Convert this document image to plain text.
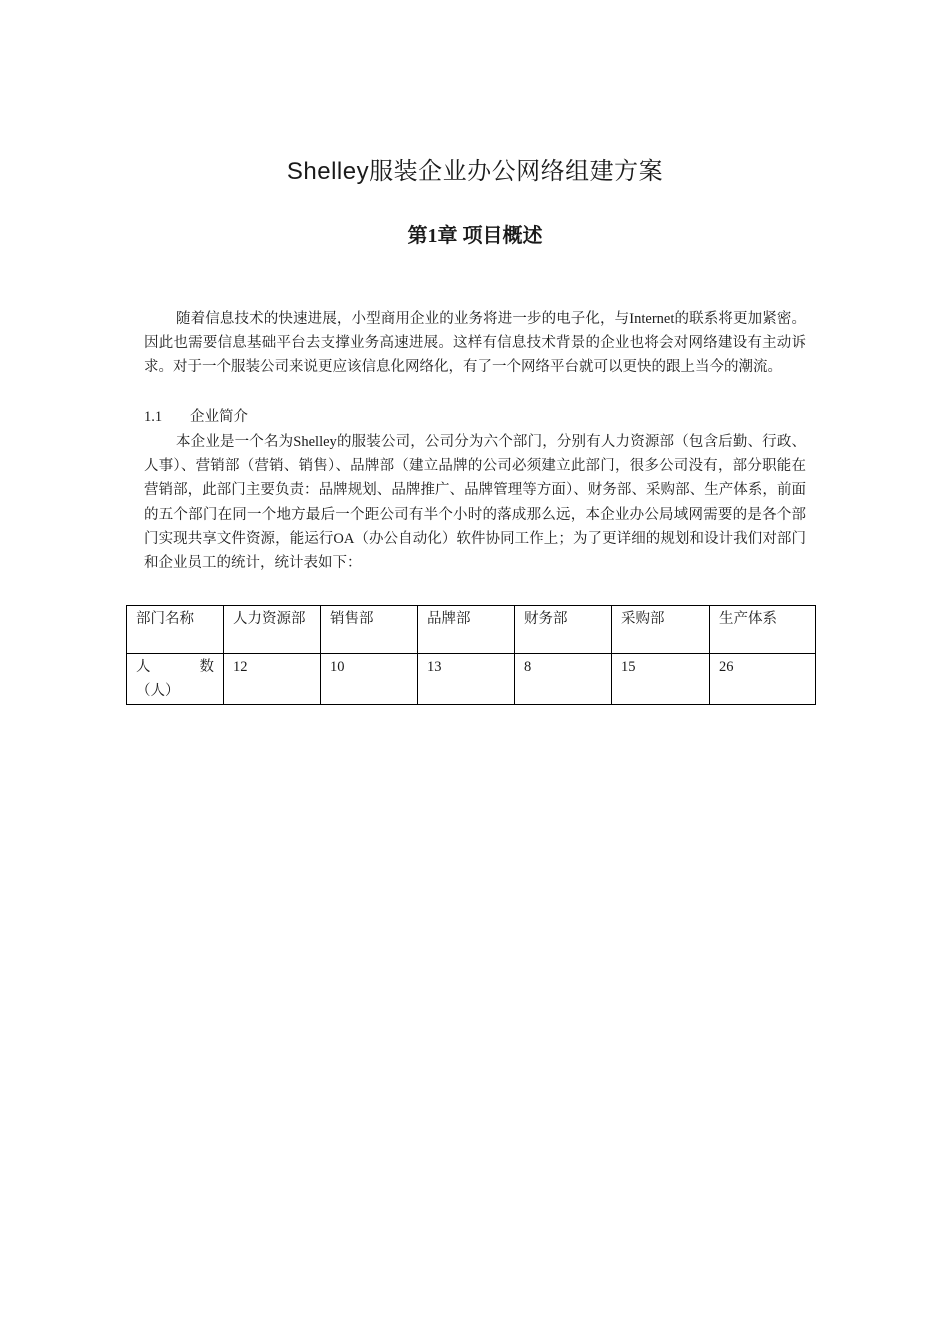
Shelley服装企业办公网络组建方案
第1章 项目概述

随着信息技术的快速进展，小型商用企业的业务将进一步的电子化，与Internet的联系将更加紧密。因此也需要信息基础平台去支撑业务高速进展。这样有信息技术背景的企业也将会对网络建设有主动诉求。对于一个服装公司来说更应该信息化网络化，有了一个网络平台就可以更快的跟上当今的潮流。

1.1 企业简介

本企业是一个名为Shelley的服装公司，公司分为六个部门，分别有人力资源部（包含后勤、行政、人事）、营销部（营销、销售）、品牌部（建立品牌的公司必须建立此部门，很多公司没有，部分职能在营销部，此部门主要负责：品牌规划、品牌推广、品牌管理等方面）、财务部、采购部、生产体系，前面的五个部门在同一个地方最后一个距公司有半个小时的落成那么远，本企业办公局域网需要的是各个部门实现共享文件资源，能运行OA（办公自动化）软件协同工作上；为了更详细的规划和设计我们对部门和企业员工的统计，统计表如下：

部门名称	人力资源部	销售部	品牌部	财务部	采购部	生产体系
人　　数（人）	12	10	13	8	15	26
